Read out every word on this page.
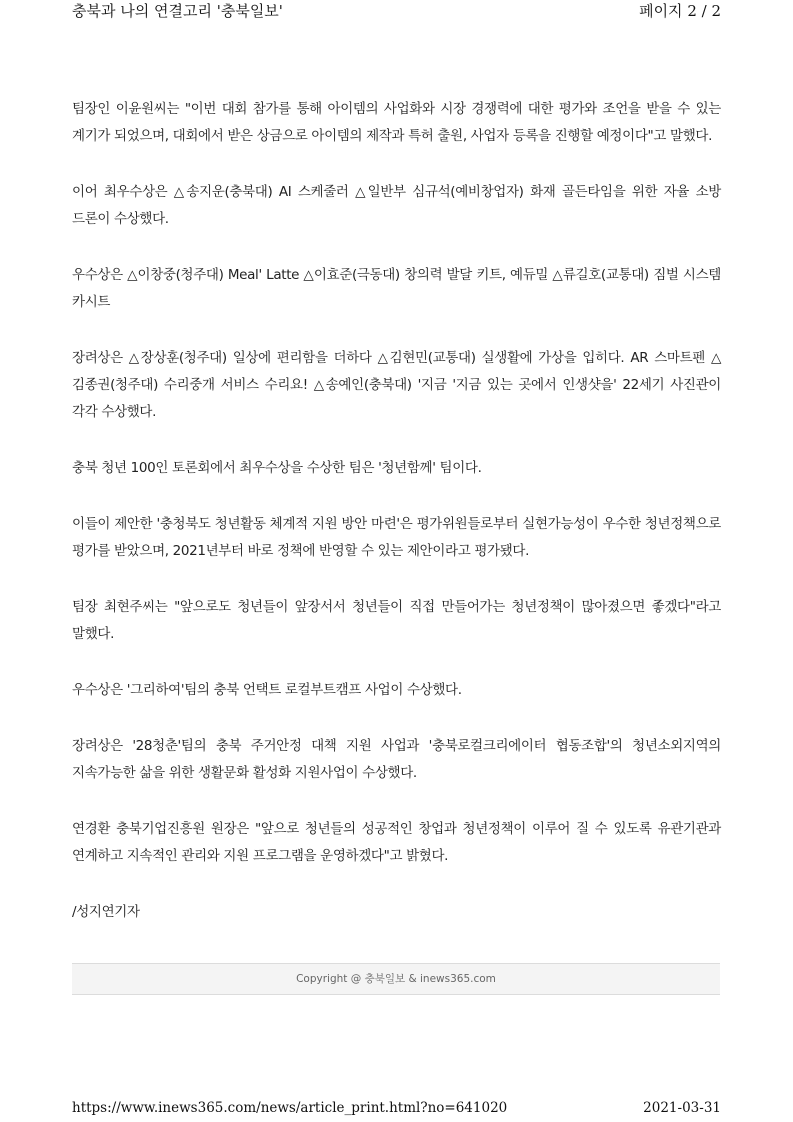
충북과 나의 연결고리 '충북일보'	페이지 2 / 2

팀장인 이윤원씨는 "이번 대회 참가를 통해 아이템의 사업화와 시장 경쟁력에 대한 평가와 조언을 받을 수 있는 계기가 되었으며, 대회에서 받은 상금으로 아이템의 제작과 특허 출원, 사업자 등록을 진행할 예정이다"고 말했다.

이어 최우수상은 △송지운(충북대) AI 스케줄러 △일반부 심규석(예비창업자) 화재 골든타임을 위한 자율 소방 드론이 수상했다.

우수상은 △이창중(청주대) Meal' Latte △이효준(극동대) 창의력 발달 키트, 예듀밀 △류길호(교통대) 짐벌 시스템 카시트

장려상은 △장상훈(청주대) 일상에 편리함을 더하다 △김현민(교통대) 실생활에 가상을 입히다. AR 스마트펜 △김종권(청주대) 수리중개 서비스 수리요! △송예인(충북대) '지금 '지금 있는 곳에서 인생샷을' 22세기 사진관이 각각 수상했다.

충북 청년 100인 토론회에서 최우수상을 수상한 팀은 '청년함께' 팀이다.

이들이 제안한 '충청북도 청년활동 체계적 지원 방안 마련'은 평가위원들로부터 실현가능성이 우수한 청년정책으로 평가를 받았으며, 2021년부터 바로 정책에 반영할 수 있는 제안이라고 평가됐다.

팀장 최현주씨는 "앞으로도 청년들이 앞장서서 청년들이 직접 만들어가는 청년정책이 많아졌으면 좋겠다"라고 말했다.

우수상은 '그리하여'팀의 충북 언택트 로컬부트캠프 사업이 수상했다.

장려상은 '28청춘'팀의 충북 주거안정 대책 지원 사업과 '충북로컬크리에이터 협동조합'의 청년소외지역의 지속가능한 삶을 위한 생활문화 활성화 지원사업이 수상했다.

연경환 충북기업진흥원 원장은 "앞으로 청년들의 성공적인 창업과 청년정책이 이루어 질 수 있도록 유관기관과 연계하고 지속적인 관리와 지원 프로그램을 운영하겠다"고 밝혔다.

/성지연기자

Copyright @ 충북일보 & inews365.com
https://www.inews365.com/news/article_print.html?no=641020	2021-03-31
